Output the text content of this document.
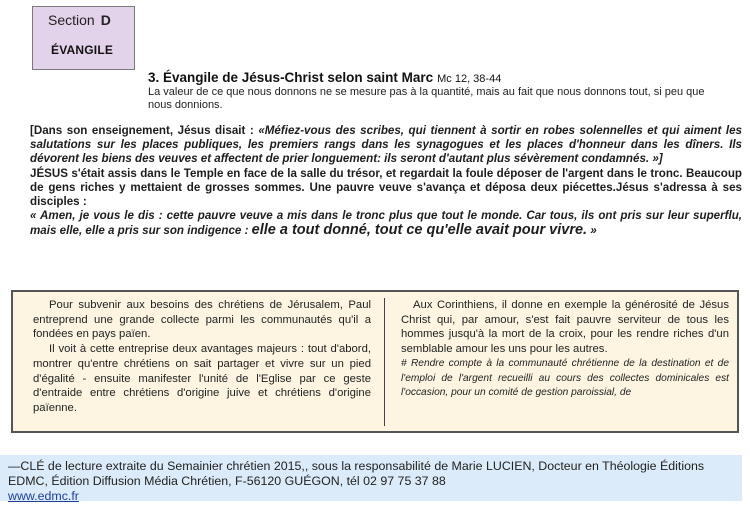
Section D
ÉVANGILE
3. Évangile de Jésus-Christ selon saint Marc Mc 12, 38-44
La valeur de ce que nous donnons ne se mesure pas à la quantité, mais au fait que nous donnons tout, si peu que nous donnions.

[Dans son enseignement, Jésus disait : «Méfiez-vous des scribes, qui tiennent à sortir en robes solennelles et qui aiment les salutations sur les places publiques, les premiers rangs dans les synagogues et les places d'honneur dans les dîners. Ils dévorent les biens des veuves et affectent de prier longuement: ils seront d'autant plus sévèrement condamnés. »]

JÉSUS s'était assis dans le Temple en face de la salle du trésor, et regardait la foule déposer de l'argent dans le tronc. Beaucoup de gens riches y mettaient de grosses sommes. Une pauvre veuve s'avança et déposa deux piécettes.Jésus s'adressa à ses disciples :

« Amen, je vous le dis : cette pauvre veuve a mis dans le tronc plus que tout le monde. Car tous, ils ont pris sur leur superflu, mais elle, elle a pris sur son indigence : elle a tout donné, tout ce qu'elle avait pour vivre. »

Pour subvenir aux besoins des chrétiens de Jérusalem, Paul entreprend une grande collecte parmi les communautés qu'il a fondées en pays païen.

Il voit à cette entreprise deux avantages majeurs : tout d'abord, montrer qu'entre chrétiens on sait partager et vivre sur un pied d'égalité - ensuite manifester l'unité de l'Eglise par ce geste d'entraide entre chrétiens d'origine juive et chrétiens d'origine païenne.

Aux Corinthiens, il donne en exemple la générosité de Jésus Christ qui, par amour, s'est fait pauvre serviteur de tous les hommes jusqu'à la mort de la croix, pour les rendre riches d'un semblable amour les uns pour les autres.

# Rendre compte à la communauté chrétienne de la destination et de l'emploi de l'argent recueilli au cours des collectes dominicales est l'occasion, pour un comité de gestion paroissial, de

—CLÉ de lecture extraite du Semainier chrétien 2015,, sous la responsabilité de Marie LUCIEN, Docteur en Théologie Éditions EDMC, Édition Diffusion Média Chrétien, F-56120 GUÉGON, tél 02 97 75 37 88
www.edmc.fr
